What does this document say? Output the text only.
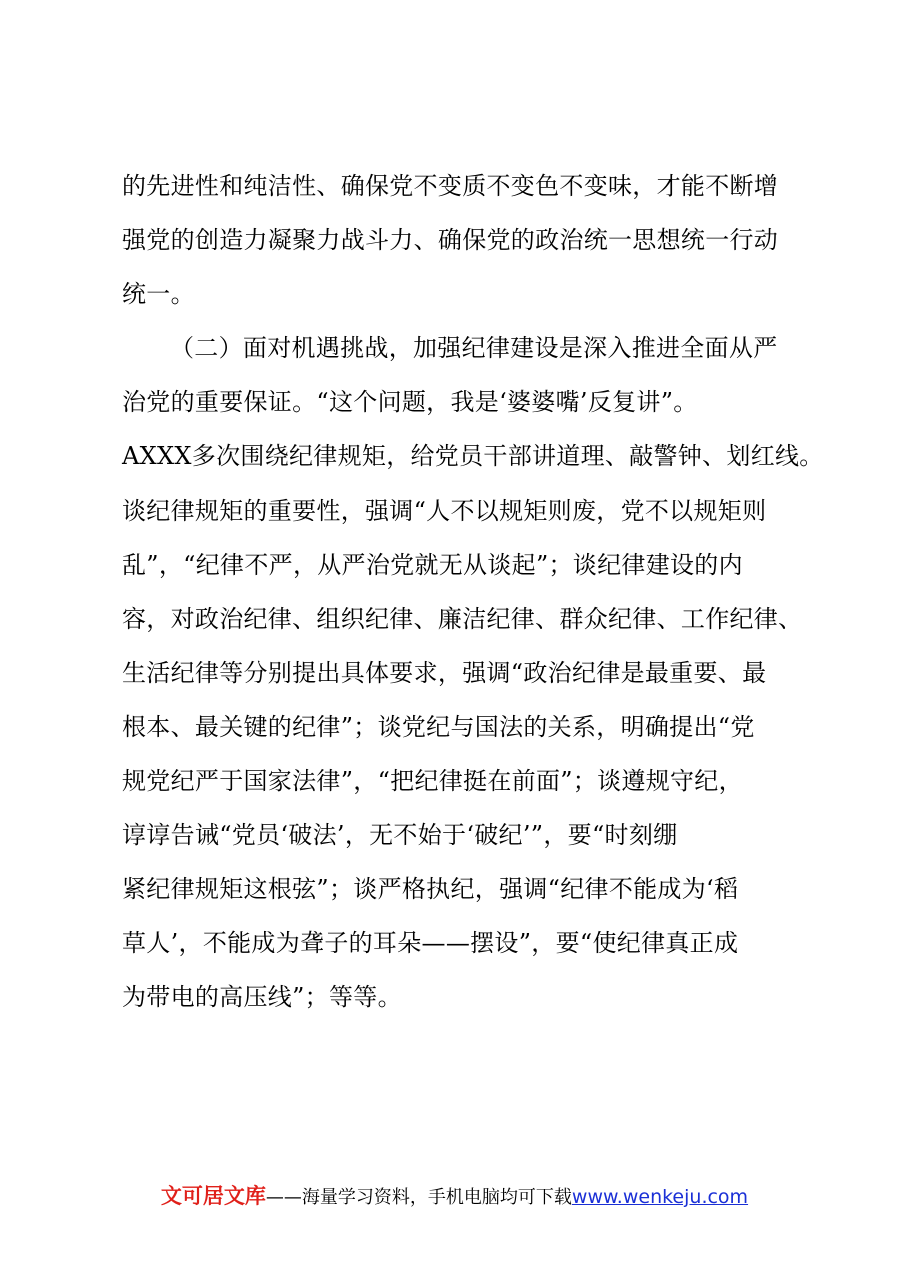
的先进性和纯洁性、确保党不变质不变色不变味，才能不断增
强党的创造力凝聚力战斗力、确保党的政治统一思想统一行动
统一。
（二）面对机遇挑战，加强纪律建设是深入推进全面从严
治党的重要保证。“这个问题，我是‘婆婆嘴’反复讲”。
AXXX多次围绕纪律规矩，给党员干部讲道理、敲警钟、划红线。
谈纪律规矩的重要性，强调“人不以规矩则废，党不以规矩则
乱”，“纪律不严，从严治党就无从谈起”；谈纪律建设的内
容，对政治纪律、组织纪律、廉洁纪律、群众纪律、工作纪律、
生活纪律等分别提出具体要求，强调“政治纪律是最重要、最
根本、最关键的纪律”；谈党纪与国法的关系，明确提出“党
规党纪严于国家法律”，“把纪律挺在前面”；谈遵规守纪，
谆谆告诫“党员‘破法’，无不始于‘破纪’”，要“时刻绷
紧纪律规矩这根弦”；谈严格执纪，强调“纪律不能成为‘稻
草人’，不能成为聋子的耳朵——摆设”，要“使纪律真正成
为带电的高压线”；等等。
文可居文库——海量学习资料，手机电脑均可下载www.wenkeju.com
